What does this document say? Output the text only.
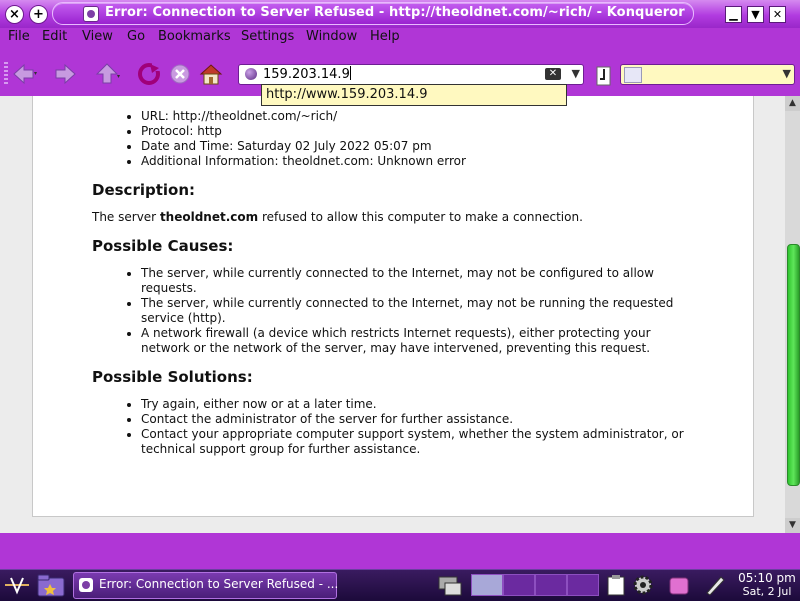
×	+	Error: Connection to Server Refused - http://theoldnet.com/~rich/ - Konqueror	▁	▼	✕
File Edit View Go Bookmarks Settings Window Help
159.203.14.9	✕	▼	▼
http://www.159.203.14.9
• URL: http://theoldnet.com/~rich/
• Protocol: http
• Date and Time: Saturday 02 July 2022 05:07 pm
• Additional Information: theoldnet.com: Unknown error
Description:

The server theoldnet.com refused to allow this computer to make a connection.

Possible Causes:
• The server, while currently connected to the Internet, may not be configured to allow requests.
• The server, while currently connected to the Internet, may not be running the requested service (http).
• A network firewall (a device which restricts Internet requests), either protecting your network or the network of the server, may have intervened, preventing this request.
Possible Solutions:
• Try again, either now or at a later time.
• Contact the administrator of the server for further assistance.
• Contact your appropriate computer support system, whether the system administrator, or technical support group for further assistance.
▲
▼
Error: Connection to Server Refused - ...	05:10 pm
Sat, 2 Jul
